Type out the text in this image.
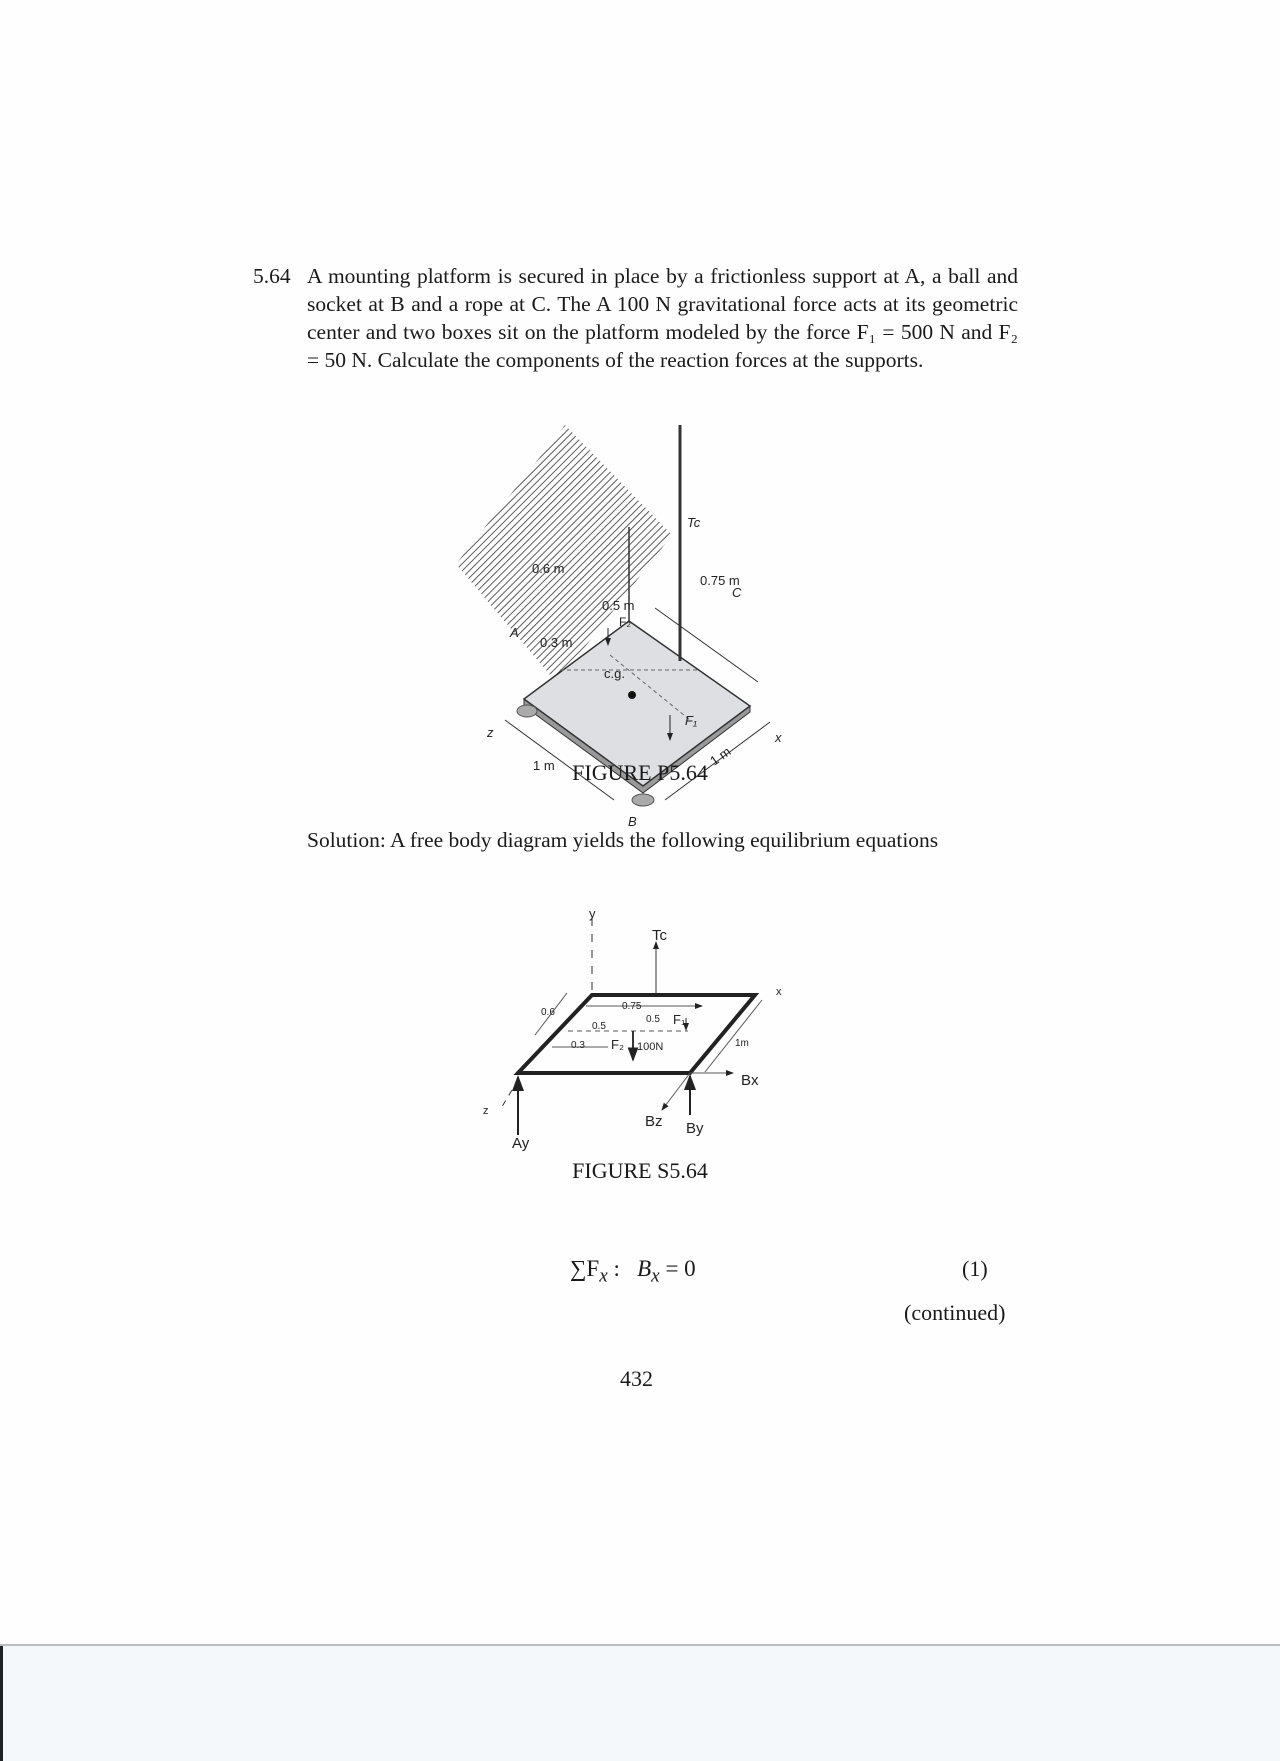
5.64 A mounting platform is secured in place by a frictionless support at A, a ball and socket at B and a rope at C. The A 100 N gravitational force acts at its geometric center and two boxes sit on the platform modeled by the force F₁ = 500 N and F₂ = 50 N. Calculate the components of the reaction forces at the supports.
Tc
0.6 m
0.75 m
C
0.5 m
F₂
A
0.3 m
F₁
c.g.
z	x
1 m	1 m
B
y
Tc
x
0.6
0.75
0.5 F₁
0.5
0.3 F₂ 100N	1m
Bx
z
Bz By
Ay
FIGURE P5.64
Solution: A free body diagram yields the following equilibrium equations
FIGURE S5.64
$\sum F_x$ : $B_x = 0$	(1)
(continued)
432
